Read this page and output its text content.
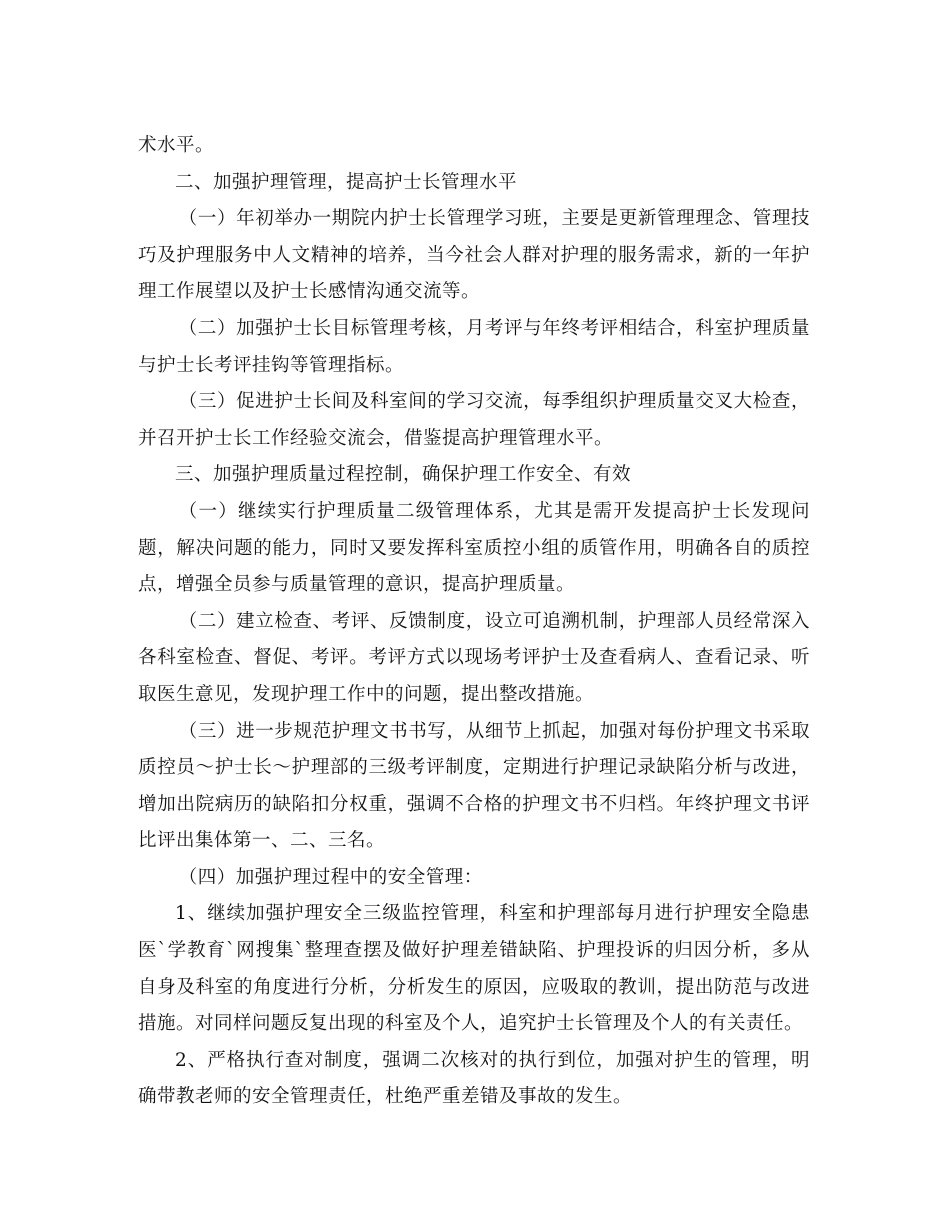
术水平。

二、加强护理管理，提高护士长管理水平

（一）年初举办一期院内护士长管理学习班，主要是更新管理理念、管理技巧及护理服务中人文精神的培养，当今社会人群对护理的服务需求，新的一年护理工作展望以及护士长感情沟通交流等。

（二）加强护士长目标管理考核，月考评与年终考评相结合，科室护理质量与护士长考评挂钩等管理指标。

（三）促进护士长间及科室间的学习交流，每季组织护理质量交叉大检查，并召开护士长工作经验交流会，借鉴提高护理管理水平。

三、加强护理质量过程控制，确保护理工作安全、有效

（一）继续实行护理质量二级管理体系，尤其是需开发提高护士长发现问题，解决问题的能力，同时又要发挥科室质控小组的质管作用，明确各自的质控点，增强全员参与质量管理的意识，提高护理质量。

（二）建立检查、考评、反馈制度，设立可追溯机制，护理部人员经常深入各科室检查、督促、考评。考评方式以现场考评护士及查看病人、查看记录、听取医生意见，发现护理工作中的问题，提出整改措施。

（三）进一步规范护理文书书写，从细节上抓起，加强对每份护理文书采取质控员～护士长～护理部的三级考评制度，定期进行护理记录缺陷分析与改进，增加出院病历的缺陷扣分权重，强调不合格的护理文书不归档。年终护理文书评比评出集体第一、二、三名。

（四）加强护理过程中的安全管理：

1、继续加强护理安全三级监控管理，科室和护理部每月进行护理安全隐患医`学教育`网搜集`整理查摆及做好护理差错缺陷、护理投诉的归因分析，多从自身及科室的角度进行分析，分析发生的原因，应吸取的教训，提出防范与改进措施。对同样问题反复出现的科室及个人，追究护士长管理及个人的有关责任。

2、严格执行查对制度，强调二次核对的执行到位，加强对护生的管理，明确带教老师的安全管理责任，杜绝严重差错及事故的发生。
